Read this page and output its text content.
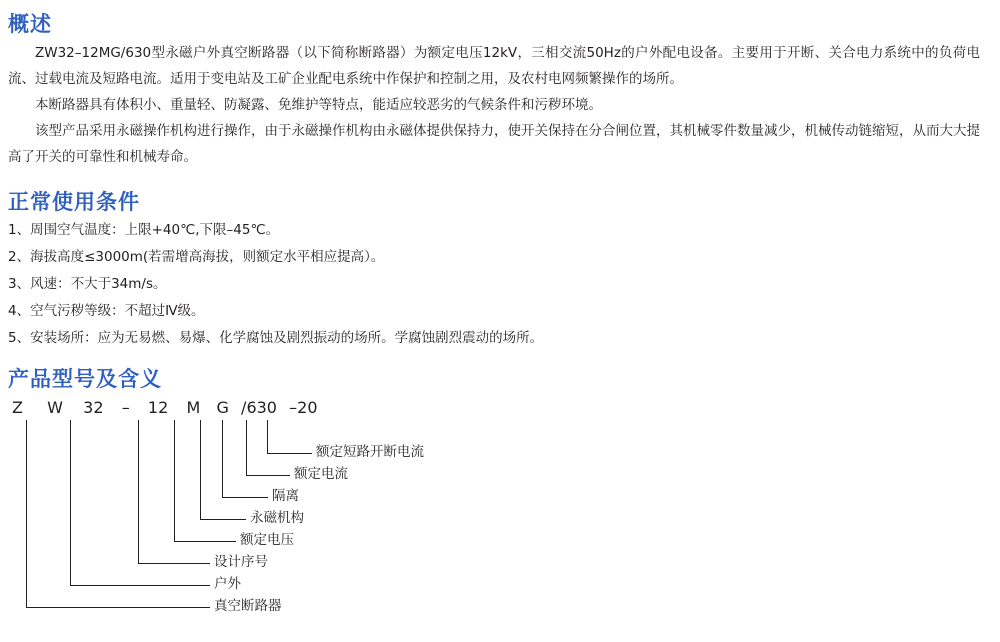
概述

ZW32–12MG/630型永磁户外真空断路器（以下简称断路器）为额定电压12kV，三相交流50Hz的户外配电设备。主要用于开断、关合电力系统中的负荷电流、过载电流及短路电流。适用于变电站及工矿企业配电系统中作保护和控制之用，及农村电网频繁操作的场所。

本断路器具有体积小、重量轻、防凝露、免维护等特点，能适应较恶劣的气候条件和污秽环境。

该型产品采用永磁操作机构进行操作，由于永磁操作机构由永磁体提供保持力，使开关保持在分合闸位置，其机械零件数量减少，机械传动链缩短，从而大大提高了开关的可靠性和机械寿命。

正常使用条件
1、周围空气温度：上限+40℃,下限–45℃。
2、海拔高度≤3000m(若需增高海拔，则额定水平相应提高）。
3、风速：不大于34m/s。
4、空气污秽等级：不超过Ⅳ级。
5、安装场所：应为无易燃、易爆、化学腐蚀及剧烈振动的场所。学腐蚀剧烈震动的场所。
产品型号及含义
Z W 32 – 12 M G /630 –20
额定短路开断电流
额定电流
隔离
永磁机构
额定电压
设计序号
户外
真空断路器
